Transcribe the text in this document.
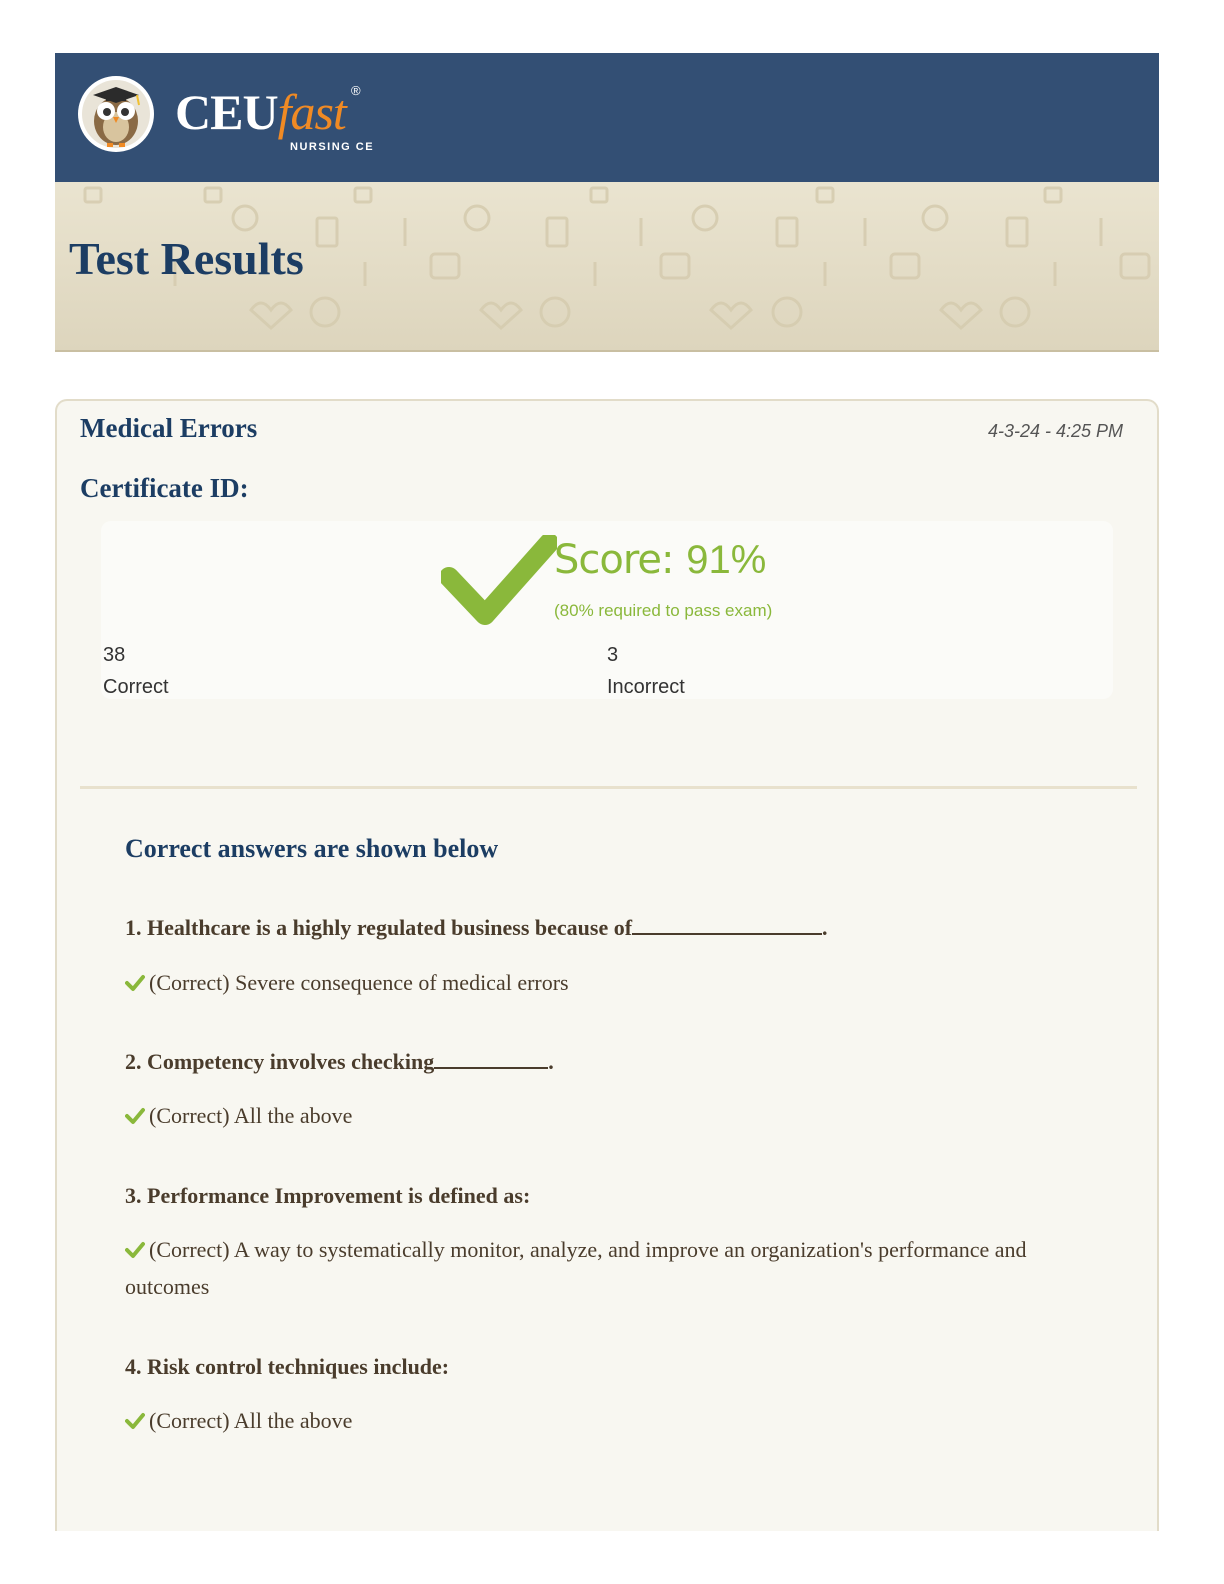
CEUfast ®
NURSING CE
Test Results
Medical Errors	4-3-24 - 4:25 PM
Certificate ID:
Score: 91%
(80% required to pass exam)
38
Correct
3
Incorrect
Correct answers are shown below
1. Healthcare is a highly regulated business because of	.
(Correct) Severe consequence of medical errors
2. Competency involves checking	.
(Correct) All the above
3. Performance Improvement is defined as:
(Correct) A way to systematically monitor, analyze, and improve an organization's performance and outcomes
4. Risk control techniques include:
(Correct) All the above
